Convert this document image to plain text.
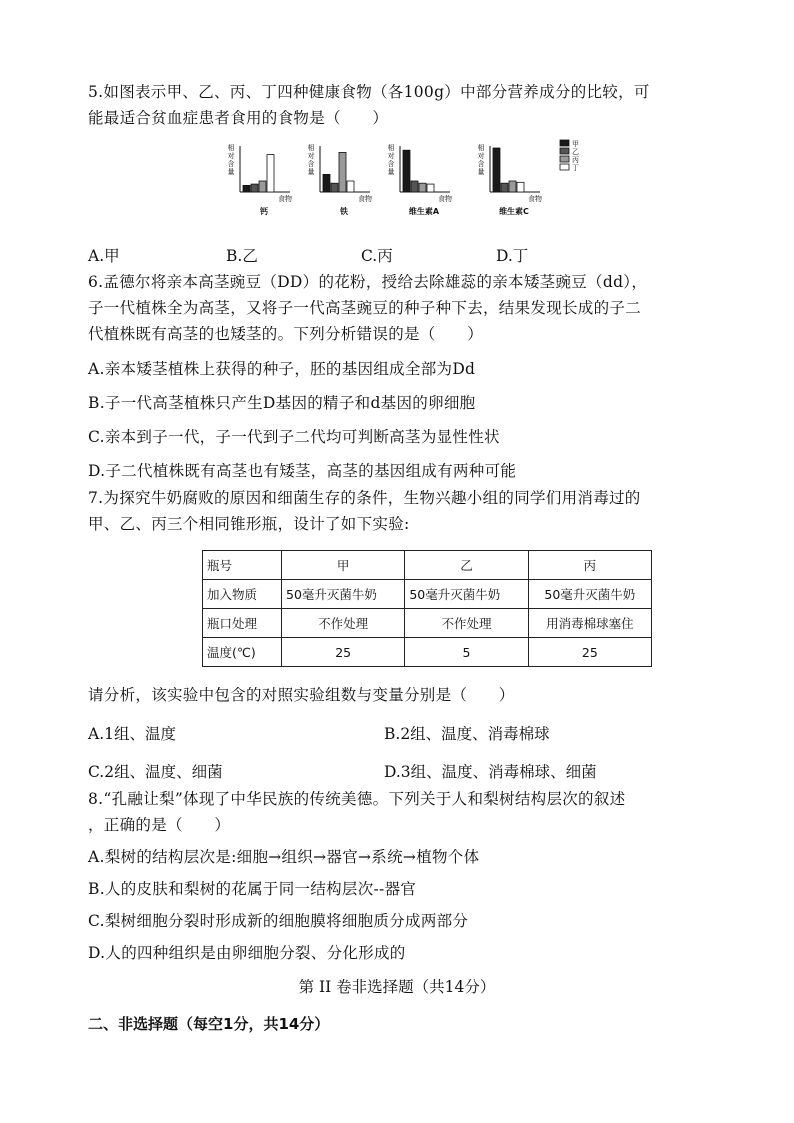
5.如图表示甲、乙、丙、丁四种健康食物（各100g）中部分营养成分的比较，可
能最适合贫血症患者食用的食物是（　　）
相
对
含
量
食物
钙
相
对
含
量
食物
铁
相
对
含
量
食物
维生素A
相
对
含
量
食物
维生素C
甲
乙
丙
丁
A.甲	B.乙	C.丙	D.丁
6.孟德尔将亲本高茎豌豆（DD）的花粉，授给去除雄蕊的亲本矮茎豌豆（dd），
子一代植株全为高茎，又将子一代高茎豌豆的种子种下去，结果发现长成的子二
代植株既有高茎的也矮茎的。下列分析错误的是（　　）
A.亲本矮茎植株上获得的种子，胚的基因组成全部为Dd
B.子一代高茎植株只产生D基因的精子和d基因的卵细胞
C.亲本到子一代，子一代到子二代均可判断高茎为显性性状
D.子二代植株既有高茎也有矮茎，高茎的基因组成有两种可能
7.为探究牛奶腐败的原因和细菌生存的条件，生物兴趣小组的同学们用消毒过的
甲、乙、丙三个相同锥形瓶，设计了如下实验:
瓶号	甲	乙	丙
加入物质	50毫升灭菌牛奶	50毫升灭菌牛奶	50毫升灭菌牛奶
瓶口处理	不作处理	不作处理	用消毒棉球塞住
温度(℃)	25	5	25
请分析，该实验中包含的对照实验组数与变量分别是（　　）
A.1组、温度	B.2组、温度、消毒棉球
C.2组、温度、细菌	D.3组、温度、消毒棉球、细菌
8.“孔融让梨”体现了中华民族的传统美德。下列关于人和梨树结构层次的叙述
，正确的是（　　）
A.梨树的结构层次是:细胞→组织→器官→系统→植物个体
B.人的皮肤和梨树的花属于同一结构层次--器官
C.梨树细胞分裂时形成新的细胞膜将细胞质分成两部分
D.人的四种组织是由卵细胞分裂、分化形成的
第 II 卷非选择题（共14分）
二、非选择题（每空1分，共14分）
